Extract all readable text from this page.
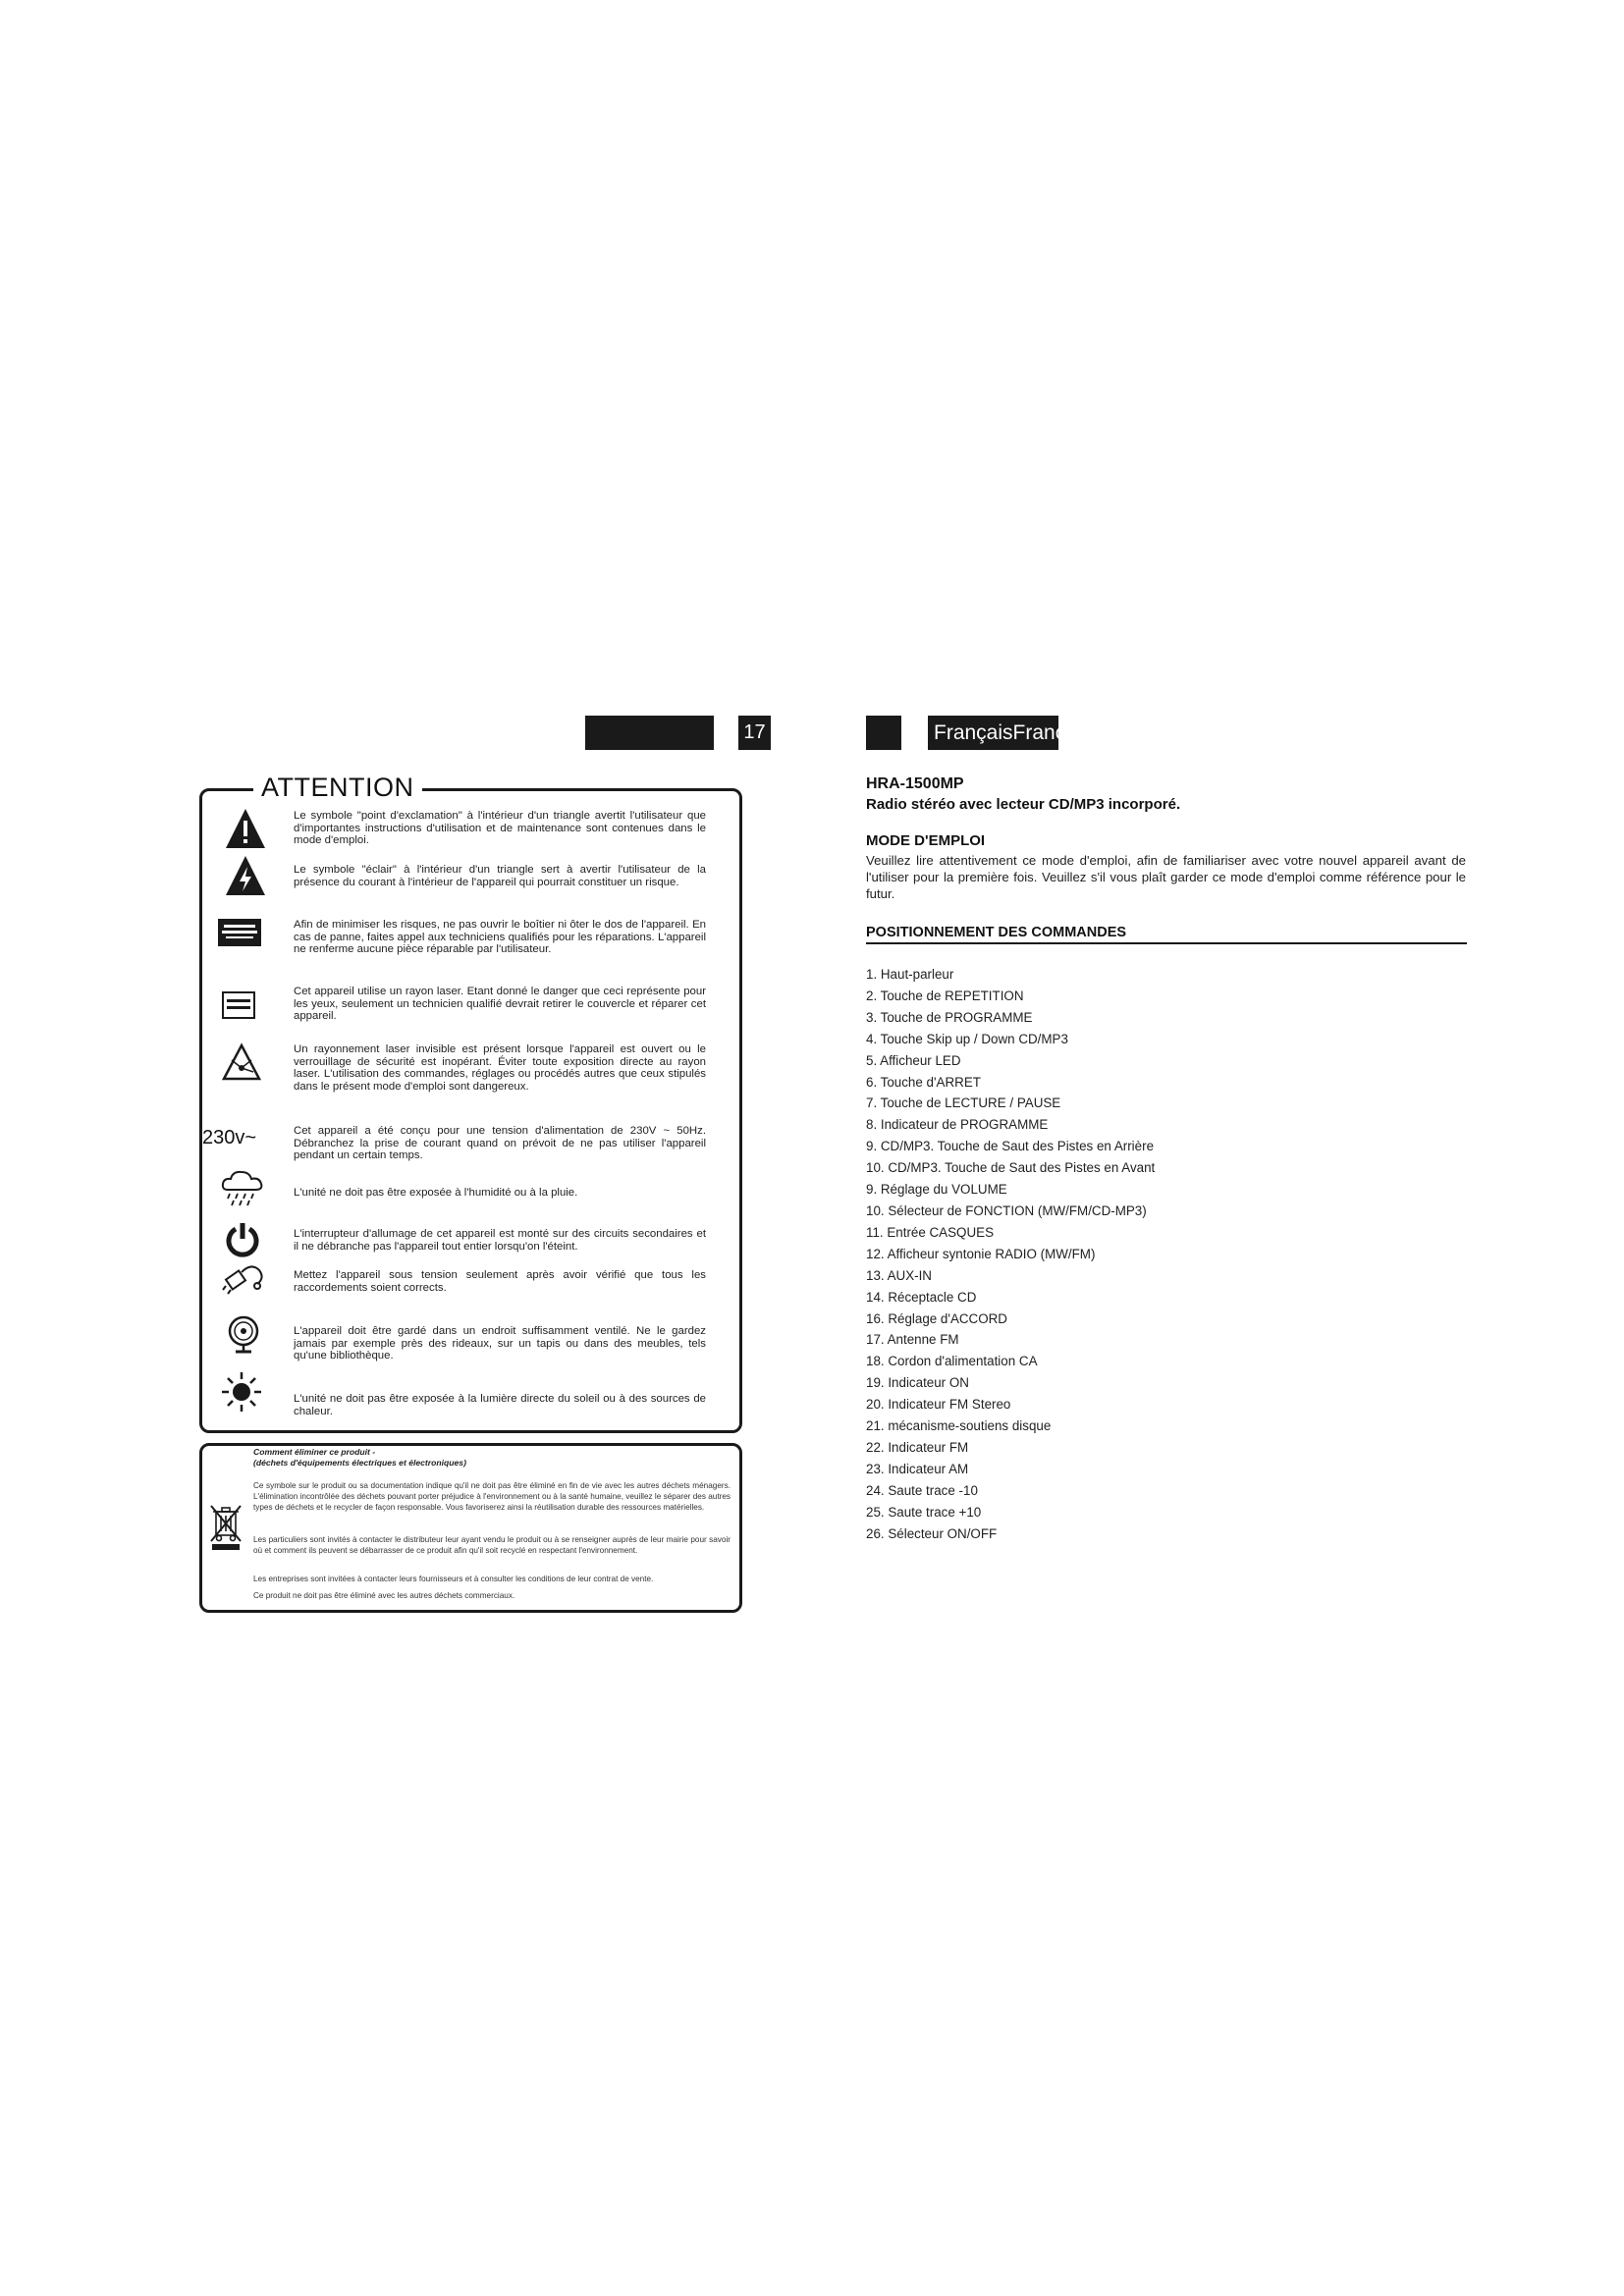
17	FrançaisFrançais
ATTENTION
Le symbole "point d'exclamation" à l'intérieur d'un triangle avertit l'utilisateur que d'importantes instructions d'utilisation et de maintenance sont contenues dans le mode d'emploi.
Le symbole "éclair" à l'intérieur d'un triangle sert à avertir l'utilisateur de la présence du courant à l'intérieur de l'appareil qui pourrait constituer un risque.
Afin de minimiser les risques, ne pas ouvrir le boîtier ni ôter le dos de l'appareil. En cas de panne, faites appel aux techniciens qualifiés pour les réparations. L'appareil ne renferme aucune pièce réparable par l'utilisateur.
Cet appareil utilise un rayon laser. Etant donné le danger que ceci représente pour les yeux, seulement un technicien qualifié devrait retirer le couvercle et réparer cet appareil.
Un rayonnement laser invisible est présent lorsque l'appareil est ouvert ou le verrouillage de sécurité est inopérant. Éviter toute exposition directe au rayon laser. L'utilisation des commandes, réglages ou procédés autres que ceux stipulés dans le présent mode d'emploi sont dangereux.
230v~	Cet appareil a été conçu pour une tension d'alimentation de 230V ~ 50Hz. Débranchez la prise de courant quand on prévoit de ne pas utiliser l'appareil pendant un certain temps.
L'unité ne doit pas être exposée à l'humidité ou à la pluie.
L'interrupteur d'allumage de cet appareil est monté sur des circuits secondaires et il ne débranche pas l'appareil tout entier lorsqu'on l'éteint.
Mettez l'appareil sous tension seulement après avoir vérifié que tous les raccordements soient corrects.
L'appareil doit être gardé dans un endroit suffisamment ventilé. Ne le gardez jamais par exemple près des rideaux, sur un tapis ou dans des meubles, tels qu'une bibliothèque.
L'unité ne doit pas être exposée à la lumière directe du soleil ou à des sources de chaleur.
Comment éliminer ce produit -
(déchets d'équipements électriques et électroniques)
Ce symbole sur le produit ou sa documentation indique qu'il ne doit pas être éliminé en fin de vie avec les autres déchets ménagers. L'élimination incontrôlée des déchets pouvant porter préjudice à l'environnement ou à la santé humaine, veuillez le séparer des autres types de déchets et le recycler de façon responsable. Vous favoriserez ainsi la réutilisation durable des ressources matérielles.
Les particuliers sont invités à contacter le distributeur leur ayant vendu le produit ou à se renseigner auprès de leur mairie pour savoir où et comment ils peuvent se débarrasser de ce produit afin qu'il soit recyclé en respectant l'environnement.
Les entreprises sont invitées à contacter leurs fournisseurs et à consulter les conditions de leur contrat de vente.
Ce produit ne doit pas être éliminé avec les autres déchets commerciaux.
HRA-1500MP
Radio stéréo avec lecteur CD/MP3 incorporé.
MODE D'EMPLOI
Veuillez lire attentivement ce mode d'emploi, afin de familiariser avec votre nouvel appareil avant de l'utiliser pour la première fois. Veuillez s'il vous plaît garder ce mode d'emploi comme référence pour le futur.
POSITIONNEMENT DES COMMANDES
1. Haut-parleur
2. Touche de REPETITION
3. Touche de PROGRAMME
4. Touche Skip up / Down CD/MP3
5. Afficheur LED
6. Touche d'ARRET
7. Touche de LECTURE / PAUSE
8. Indicateur de PROGRAMME
9. CD/MP3. Touche de Saut des Pistes en Arrière
10. CD/MP3. Touche de Saut des Pistes en Avant
9. Réglage du VOLUME
10. Sélecteur de FONCTION (MW/FM/CD-MP3)
11. Entrée CASQUES
12. Afficheur syntonie RADIO (MW/FM)
13. AUX-IN
14. Réceptacle CD
16. Réglage d'ACCORD
17. Antenne FM
18. Cordon d'alimentation CA
19. Indicateur ON
20. Indicateur FM Stereo
21. mécanisme-soutiens disque
22. Indicateur FM
23. Indicateur AM
24. Saute trace -10
25. Saute trace +10
26. Sélecteur ON/OFF
